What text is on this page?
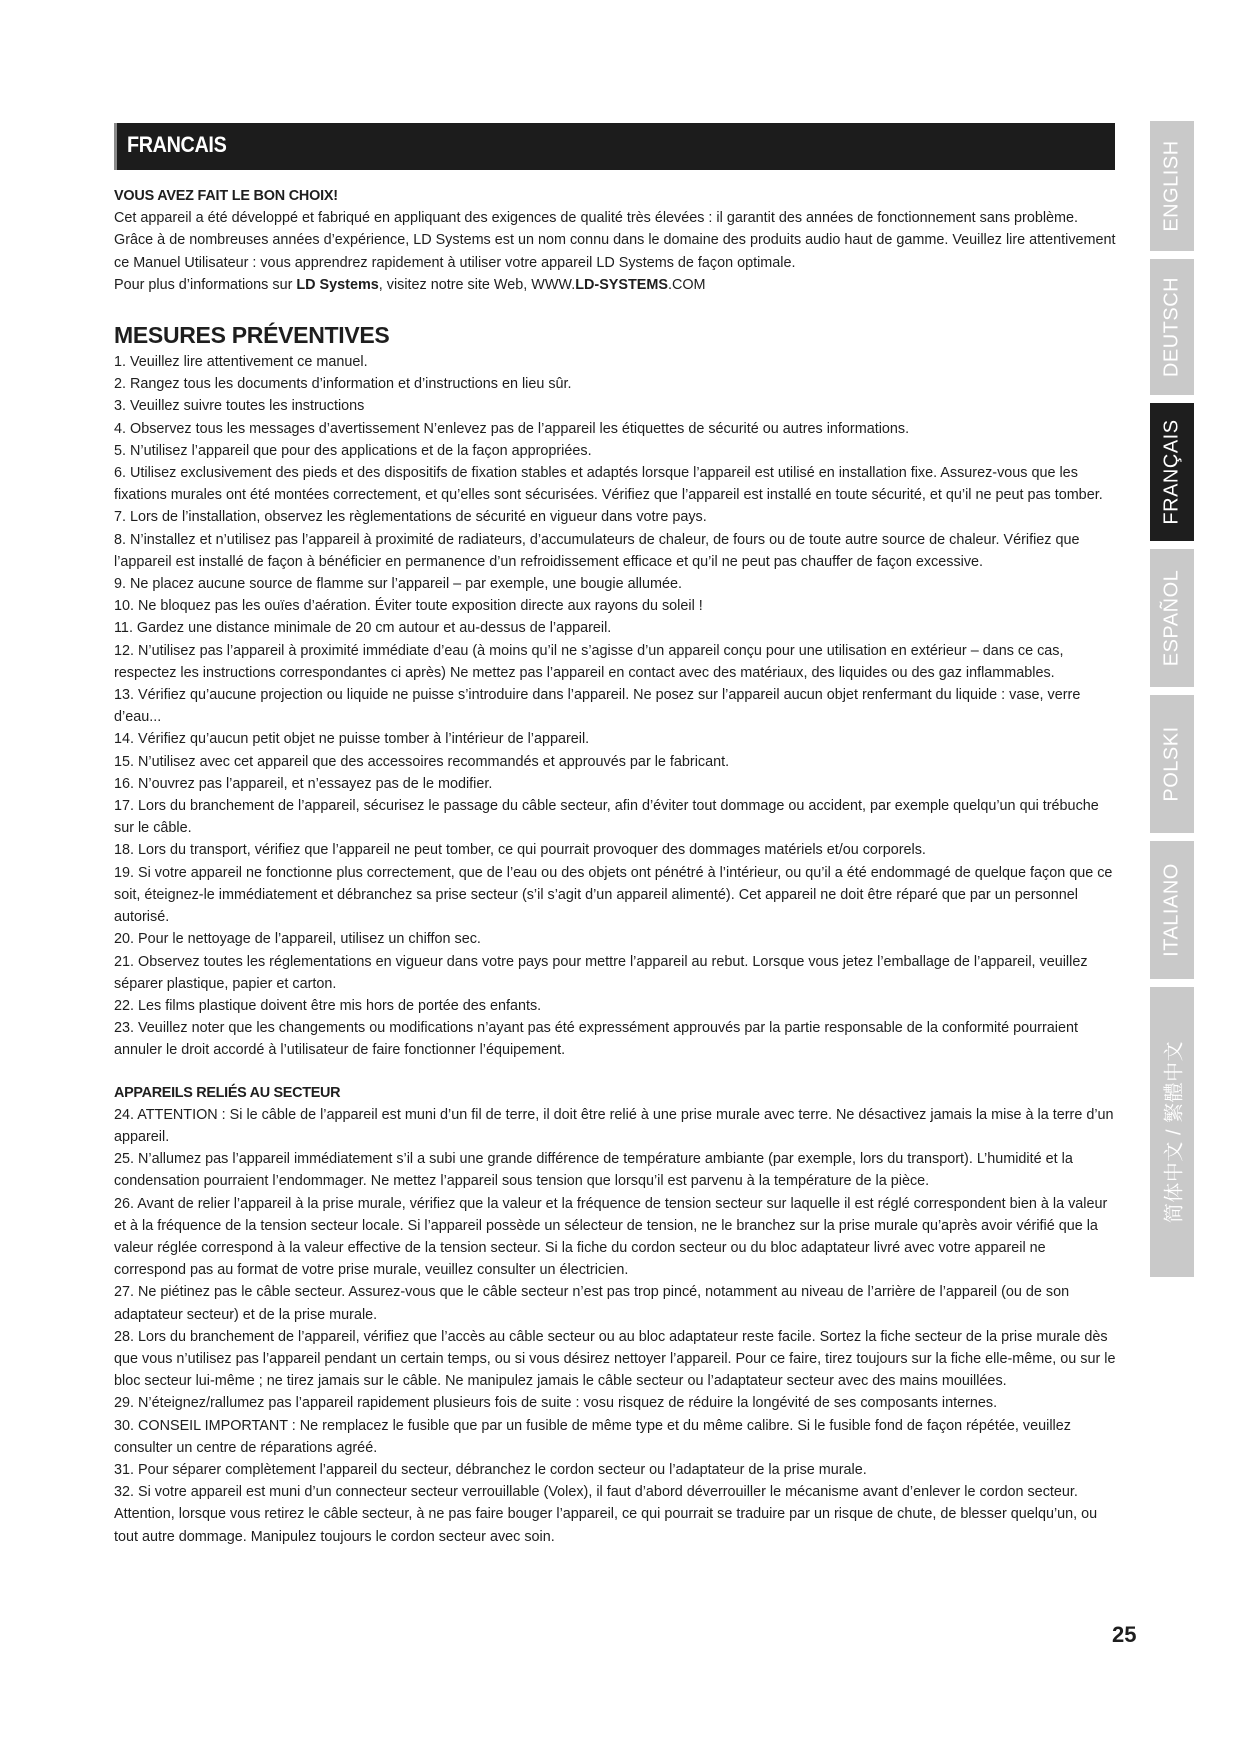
FRANCAIS

VOUS AVEZ FAIT LE BON CHOIX!

Cet appareil a été développé et fabriqué en appliquant des exigences de qualité très élevées : il garantit des années de fonctionnement sans problème. Grâce à de nombreuses années d’expérience, LD Systems est un nom connu dans le domaine des produits audio haut de gamme. Veuillez lire attentivement ce Manuel Utilisateur : vous apprendrez rapidement à utiliser votre appareil LD Systems de façon optimale.

Pour plus d’informations sur LD Systems, visitez notre site Web, WWW.LD-SYSTEMS.COM

MESURES PRÉVENTIVES
1. Veuillez lire attentivement ce manuel.
2. Rangez tous les documents d’information et d’instructions en lieu sûr.
3. Veuillez suivre toutes les instructions
4. Observez tous les messages d’avertissement N’enlevez pas de l’appareil les étiquettes de sécurité ou autres informations.
5. N’utilisez l’appareil que pour des applications et de la façon appropriées.
6. Utilisez exclusivement des pieds et des dispositifs de fixation stables et adaptés lorsque l’appareil est utilisé en installation fixe. Assurez-vous que les fixations murales ont été montées correctement, et qu’elles sont sécurisées. Vérifiez que l’appareil est installé en toute sécurité, et qu’il ne peut pas tomber.
7. Lors de l’installation, observez les règlementations de sécurité en vigueur dans votre pays.
8. N’installez et n’utilisez pas l’appareil à proximité de radiateurs, d’accumulateurs de chaleur, de fours ou de toute autre source de chaleur. Vérifiez que l’appareil est installé de façon à bénéficier en permanence d’un refroidissement efficace et qu’il ne peut pas chauffer de façon excessive.
9. Ne placez aucune source de flamme sur l’appareil – par exemple, une bougie allumée.
10. Ne bloquez pas les ouïes d’aération. Éviter toute exposition directe aux rayons du soleil !
11. Gardez une distance minimale de 20 cm autour et au-dessus de l’appareil.
12. N’utilisez pas l’appareil à proximité immédiate d’eau (à moins qu’il ne s’agisse d’un appareil conçu pour une utilisation en extérieur – dans ce cas, respectez les instructions correspondantes ci après) Ne mettez pas l’appareil en contact avec des matériaux, des liquides ou des gaz inflammables.
13. Vérifiez qu’aucune projection ou liquide ne puisse s’introduire dans l’appareil. Ne posez sur l’appareil aucun objet renfermant du liquide : vase, verre d’eau...
14. Vérifiez qu’aucun petit objet ne puisse tomber à l’intérieur de l’appareil.
15. N’utilisez avec cet appareil que des accessoires recommandés et approuvés par le fabricant.
16. N’ouvrez pas l’appareil, et n’essayez pas de le modifier.
17. Lors du branchement de l’appareil, sécurisez le passage du câble secteur, afin d’éviter tout dommage ou accident, par exemple quelqu’un qui trébuche sur le câble.
18. Lors du transport, vérifiez que l’appareil ne peut tomber, ce qui pourrait provoquer des dommages matériels et/ou corporels.
19. Si votre appareil ne fonctionne plus correctement, que de l’eau ou des objets ont pénétré à l’intérieur, ou qu’il a été endommagé de quelque façon que ce soit, éteignez-le immédiatement et débranchez sa prise secteur (s’il s’agit d’un appareil alimenté). Cet appareil ne doit être réparé que par un personnel autorisé.
20. Pour le nettoyage de l’appareil, utilisez un chiffon sec.
21. Observez toutes les réglementations en vigueur dans votre pays pour mettre l’appareil au rebut. Lorsque vous jetez l’emballage de l’appareil, veuillez séparer plastique, papier et carton.
22. Les films plastique doivent être mis hors de portée des enfants.
23. Veuillez noter que les changements ou modifications n’ayant pas été expressément approuvés par la partie responsable de la conformité pourraient annuler le droit accordé à l’utilisateur de faire fonctionner l’équipement.
APPAREILS RELIÉS AU SECTEUR
24. ATTENTION : Si le câble de l’appareil est muni d’un fil de terre, il doit être relié à une prise murale avec terre. Ne désactivez jamais la mise à la terre d’un appareil.
25. N’allumez pas l’appareil immédiatement s’il a subi une grande différence de température ambiante (par exemple, lors du transport). L’humidité et la condensation pourraient l’endommager. Ne mettez l’appareil sous tension que lorsqu’il est parvenu à la température de la pièce.
26. Avant de relier l’appareil à la prise murale, vérifiez que la valeur et la fréquence de tension secteur sur laquelle il est réglé correspondent bien à la valeur et à la fréquence de la tension secteur locale. Si l’appareil possède un sélecteur de tension, ne le branchez sur la prise murale qu’après avoir vérifié que la valeur réglée correspond à la valeur effective de la tension secteur. Si la fiche du cordon secteur ou du bloc adaptateur livré avec votre appareil ne correspond pas au format de votre prise murale, veuillez consulter un électricien.
27. Ne piétinez pas le câble secteur. Assurez-vous que le câble secteur n’est pas trop pincé, notamment au niveau de l’arrière de l’appareil (ou de son adaptateur secteur) et de la prise murale.
28. Lors du branchement de l’appareil, vérifiez que l’accès au câble secteur ou au bloc adaptateur reste facile. Sortez la fiche secteur de la prise murale dès que vous n’utilisez pas l’appareil pendant un certain temps, ou si vous désirez nettoyer l’appareil. Pour ce faire, tirez toujours sur la fiche elle-même, ou sur le bloc secteur lui-même ; ne tirez jamais sur le câble. Ne manipulez jamais le câble secteur ou l’adaptateur secteur avec des mains mouillées.
29. N’éteignez/rallumez pas l’appareil rapidement plusieurs fois de suite : vosu risquez de réduire la longévité de ses composants internes.
30. CONSEIL IMPORTANT : Ne remplacez le fusible que par un fusible de même type et du même calibre. Si le fusible fond de façon répétée, veuillez consulter un centre de réparations agréé.
31. Pour séparer complètement l’appareil du secteur, débranchez le cordon secteur ou l’adaptateur de la prise murale.
32. Si votre appareil est muni d’un connecteur secteur verrouillable (Volex), il faut d’abord déverrouiller le mécanisme avant d’enlever le cordon secteur. Attention, lorsque vous retirez le câble secteur, à ne pas faire bouger l’appareil, ce qui pourrait se traduire par un risque de chute, de blesser quelqu’un, ou tout autre dommage. Manipulez toujours le cordon secteur avec soin.
ENGLISH
DEUTSCH
FRANÇAIS
ESPAÑOL
POLSKI
ITALIANO
简体中文 / 繁體中文
25
